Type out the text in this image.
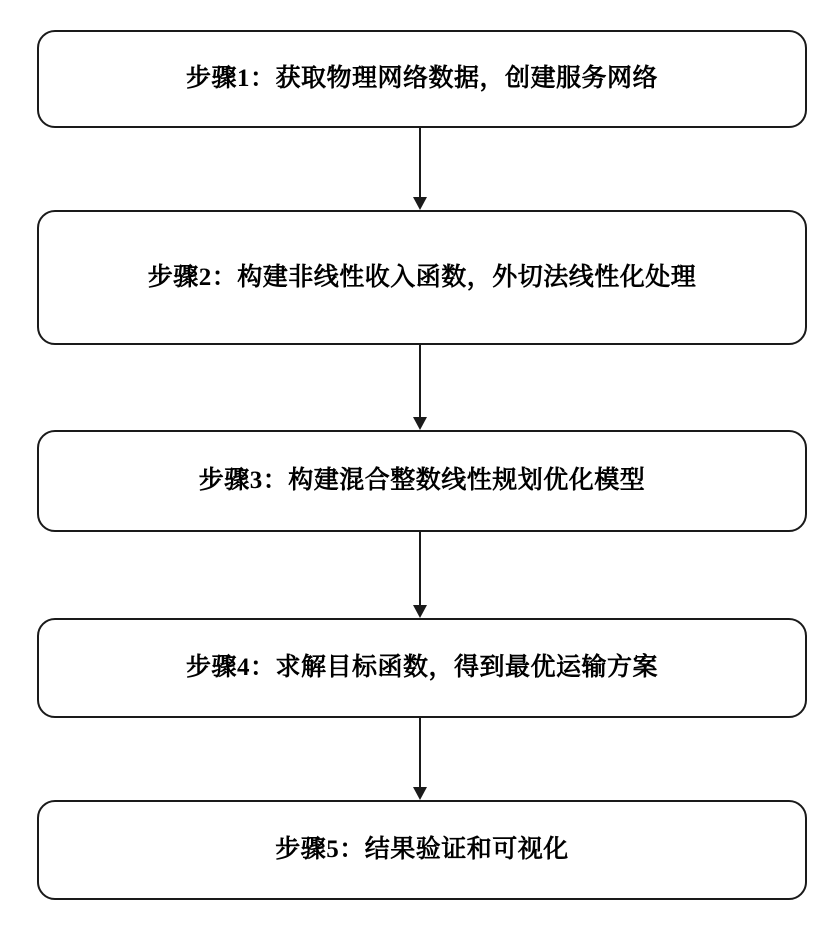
步骤1：获取物理网络数据，创建服务网络
步骤2：构建非线性收入函数，外切法线性化处理
步骤3：构建混合整数线性规划优化模型
步骤4：求解目标函数，得到最优运输方案
步骤5：结果验证和可视化
